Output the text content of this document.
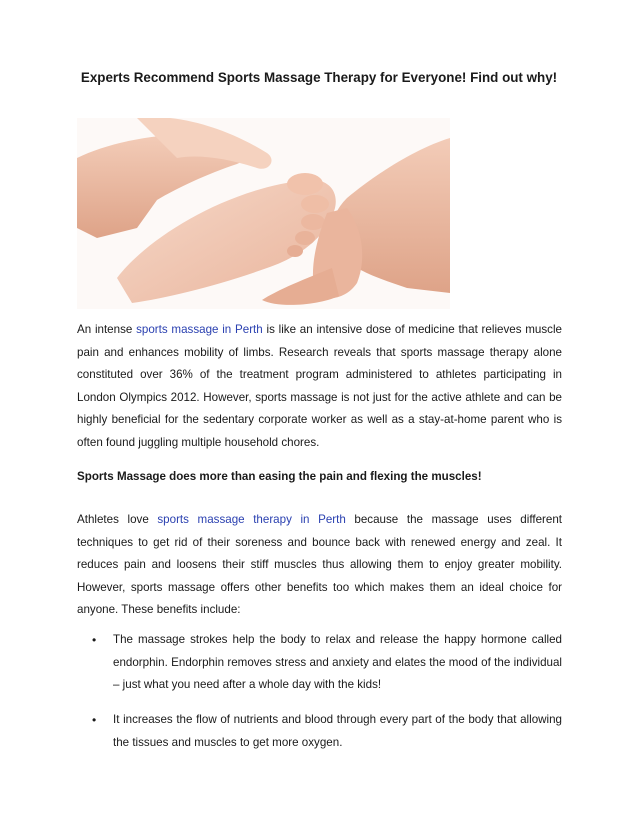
Experts Recommend Sports Massage Therapy for Everyone! Find out why!

An intense sports massage in Perth is like an intensive dose of medicine that relieves muscle pain and enhances mobility of limbs. Research reveals that sports massage therapy alone constituted over 36% of the treatment program administered to athletes participating in London Olympics 2012. However, sports massage is not just for the active athlete and can be highly beneficial for the sedentary corporate worker as well as a stay-at-home parent who is often found juggling multiple household chores.

Sports Massage does more than easing the pain and flexing the muscles!

Athletes love sports massage therapy in Perth because the massage uses different techniques to get rid of their soreness and bounce back with renewed energy and zeal. It reduces pain and loosens their stiff muscles thus allowing them to enjoy greater mobility. However, sports massage offers other benefits too which makes them an ideal choice for anyone. These benefits include:

• The massage strokes help the body to relax and release the happy hormone called endorphin. Endorphin removes stress and anxiety and elates the mood of the individual – just what you need after a whole day with the kids!
• It increases the flow of nutrients and blood through every part of the body that allowing the tissues and muscles to get more oxygen.
